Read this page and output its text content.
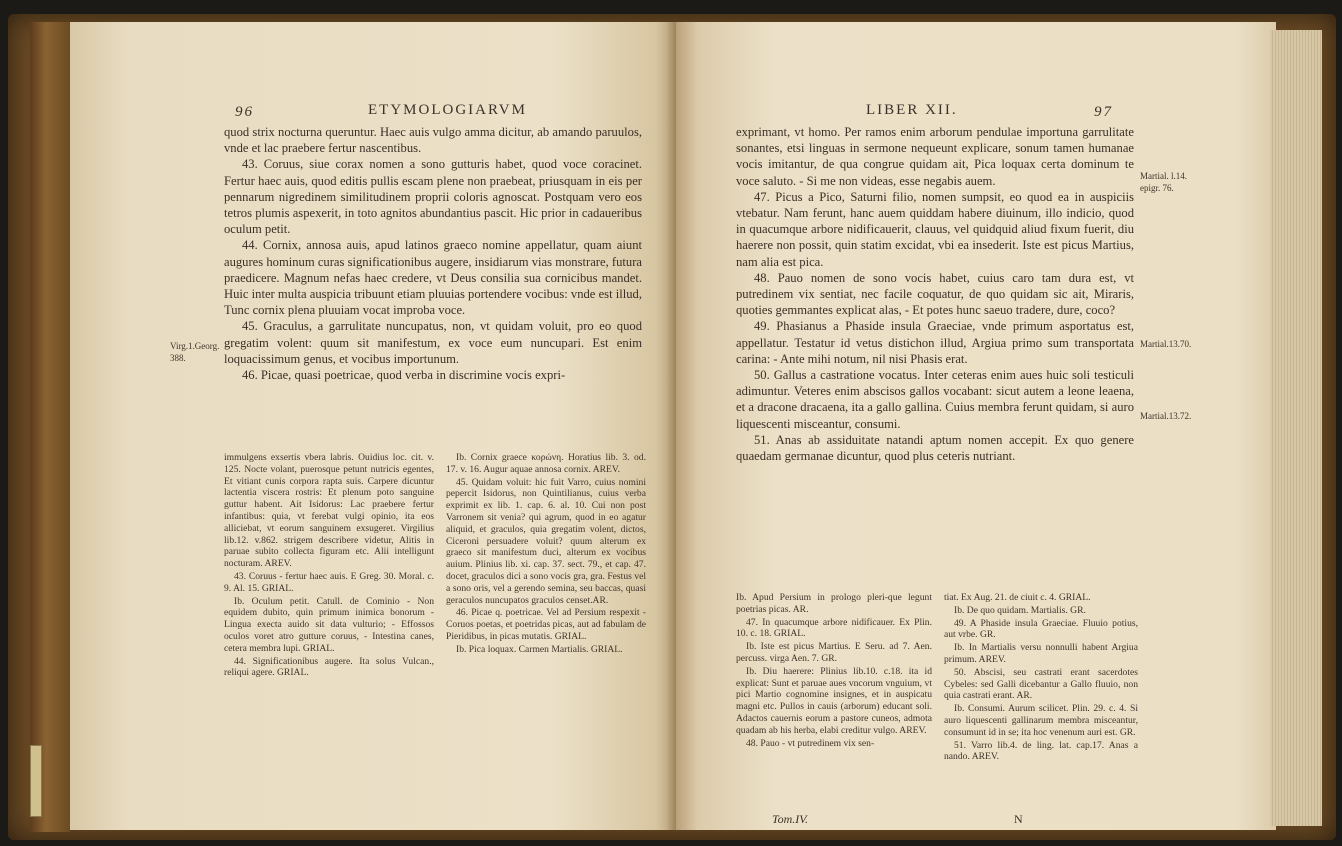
96	ETYMOLOGIARVM

quod strix nocturna queruntur. Haec auis vulgo amma dicitur, ab amando paruulos, vnde et lac praebere fertur nascentibus.

43. Coruus, siue corax nomen a sono gutturis habet, quod voce coracinet. Fertur haec auis, quod editis pullis escam plene non praebeat, priusquam in eis per pennarum nigredinem similitudinem proprii coloris agnoscat. Postquam vero eos tetros plumis aspexerit, in toto agnitos abundantius pascit. Hic prior in cadaueribus oculum petit.

44. Cornix, annosa auis, apud latinos graeco nomine appellatur, quam aiunt augures hominum curas significationibus augere, insidiarum vias monstrare, futura praedicere. Magnum nefas haec credere, vt Deus consilia sua cornicibus mandet. Huic inter multa auspicia tribuunt etiam pluuias portendere vocibus: vnde est illud, Tunc cornix plena pluuiam vocat improba voce.

45. Graculus, a garrulitate nuncupatus, non, vt quidam voluit, pro eo quod gregatim volent: quum sit manifestum, ex voce eum nuncupari. Est enim loquacissimum genus, et vocibus importunum.

46. Picae, quasi poetricae, quod verba in discrimine vocis expri-

Virg.1.Georg. 388.

immulgens exsertis vbera labris. Ouidius loc. cit. v. 125. Nocte volant, puerosque petunt nutricis egentes, Et vitiant cunis corpora rapta suis. Carpere dicuntur lactentia viscera rostris: Et plenum poto sanguine guttur habent. Ait Isidorus: Lac praebere fertur infantibus: quia, vt ferebat vulgi opinio, ita eos alliciebat, vt eorum sanguinem exsugeret. Virgilius lib.12. v.862. strigem describere videtur, Alitis in paruae subito collecta figuram etc. Alii intelligunt nocturam. AREV.

43. Coruus - fertur haec auis. E Greg. 30. Moral. c. 9. Al. 15. GRIAL.

Ib. Oculum petit. Catull. de Cominio - Non equidem dubito, quin primum inimica bonorum - Lingua execta auido sit data vulturio; - Effossos oculos voret atro gutture coruus, - Intestina canes, cetera membra lupi. GRIAL.

44. Significationibus augere. Ita solus Vulcan., reliqui agere. GRIAL.

Ib. Cornix graece κορώνη. Horatius lib. 3. od. 17. v. 16. Augur aquae annosa cornix. AREV.

45. Quidam voluit: hic fuit Varro, cuius nomini pepercit Isidorus, non Quintilianus, cuius verba exprimit ex lib. 1. cap. 6. al. 10. Cui non post Varronem sit venia? qui agrum, quod in eo agatur aliquid, et graculos, quia gregatim volent, dictos, Ciceroni persuadere voluit? quum alterum ex graeco sit manifestum duci, alterum ex vocibus auium. Plinius lib. xi. cap. 37. sect. 79., et cap. 47. docet, graculos dici a sono vocis gra, gra. Festus vel a sono oris, vel a gerendo semina, seu baccas, quasi geraculos nuncupatos graculos censet.AR.

46. Picae q. poetricae. Vel ad Persium respexit - Coruos poetas, et poetridas picas, aut ad fabulam de Pieridibus, in picas mutatis. GRIAL.

Ib. Pica loquax. Carmen Martialis. GRIAL.

LIBER XII.	97

exprimant, vt homo. Per ramos enim arborum pendulae importuna garrulitate sonantes, etsi linguas in sermone nequeunt explicare, sonum tamen humanae vocis imitantur, de qua congrue quidam ait, Pica loquax certa dominum te voce saluto. - Si me non videas, esse negabis auem.

47. Picus a Pico, Saturni filio, nomen sumpsit, eo quod ea in auspiciis vtebatur. Nam ferunt, hanc auem quiddam habere diuinum, illo indicio, quod in quacumque arbore nidificauerit, clauus, vel quidquid aliud fixum fuerit, diu haerere non possit, quin statim excidat, vbi ea insederit. Iste est picus Martius, nam alia est pica.

48. Pauo nomen de sono vocis habet, cuius caro tam dura est, vt putredinem vix sentiat, nec facile coquatur, de quo quidam sic ait, Miraris, quoties gemmantes explicat alas, - Et potes hunc saeuo tradere, dure, coco?

49. Phasianus a Phaside insula Graeciae, vnde primum asportatus est, appellatur. Testatur id vetus distichon illud, Argiua primo sum transportata carina: - Ante mihi notum, nil nisi Phasis erat.

50. Gallus a castratione vocatus. Inter ceteras enim aues huic soli testiculi adimuntur. Veteres enim abscisos gallos vocabant: sicut autem a leone leaena, et a dracone dracaena, ita a gallo gallina. Cuius membra ferunt quidam, si auro liquescenti misceantur, consumi.

51. Anas ab assiduitate natandi aptum nomen accepit. Ex quo genere quaedam germanae dicuntur, quod plus ceteris nutriant.

Martial. l.14. epigr. 76.
Martial.13.70.
Martial.13.72.

Ib. Apud Persium in prologo pleri-que legunt poetrias picas. AR.

47. In quacumque arbore nidificauer. Ex Plin. 10. c. 18. GRIAL.

Ib. Iste est picus Martius. E Seru. ad 7. Aen. percuss. virga Aen. 7. GR.

Ib. Diu haerere: Plinius lib.10. c.18. ita id explicat: Sunt et paruae aues vncorum vnguium, vt pici Martio cognomine insignes, et in auspicatu magni etc. Pullos in cauis (arborum) educant soli. Adactos cauernis eorum a pastore cuneos, admota quadam ab his herba, elabi creditur vulgo. AREV.

48. Pauo - vt putredinem vix sen-

tiat. Ex Aug. 21. de ciuit c. 4. GRIAL.

Ib. De quo quidam. Martialis. GR.

49. A Phaside insula Graeciae. Fluuio potius, aut vrbe. GR.

Ib. In Martialis versu nonnulli habent Argiua primum. AREV.

50. Abscisi, seu castrati erant sacerdotes Cybeles: sed Galli dicebantur a Gallo fluuio, non quia castrati erant. AR.

Ib. Consumi. Aurum scilicet. Plin. 29. c. 4. Si auro liquescenti gallinarum membra misceantur, consumunt id in se; ita hoc venenum auri est. GR.

51. Varro lib.4. de ling. lat. cap.17. Anas a nando. AREV.

Tom.IV.	N
